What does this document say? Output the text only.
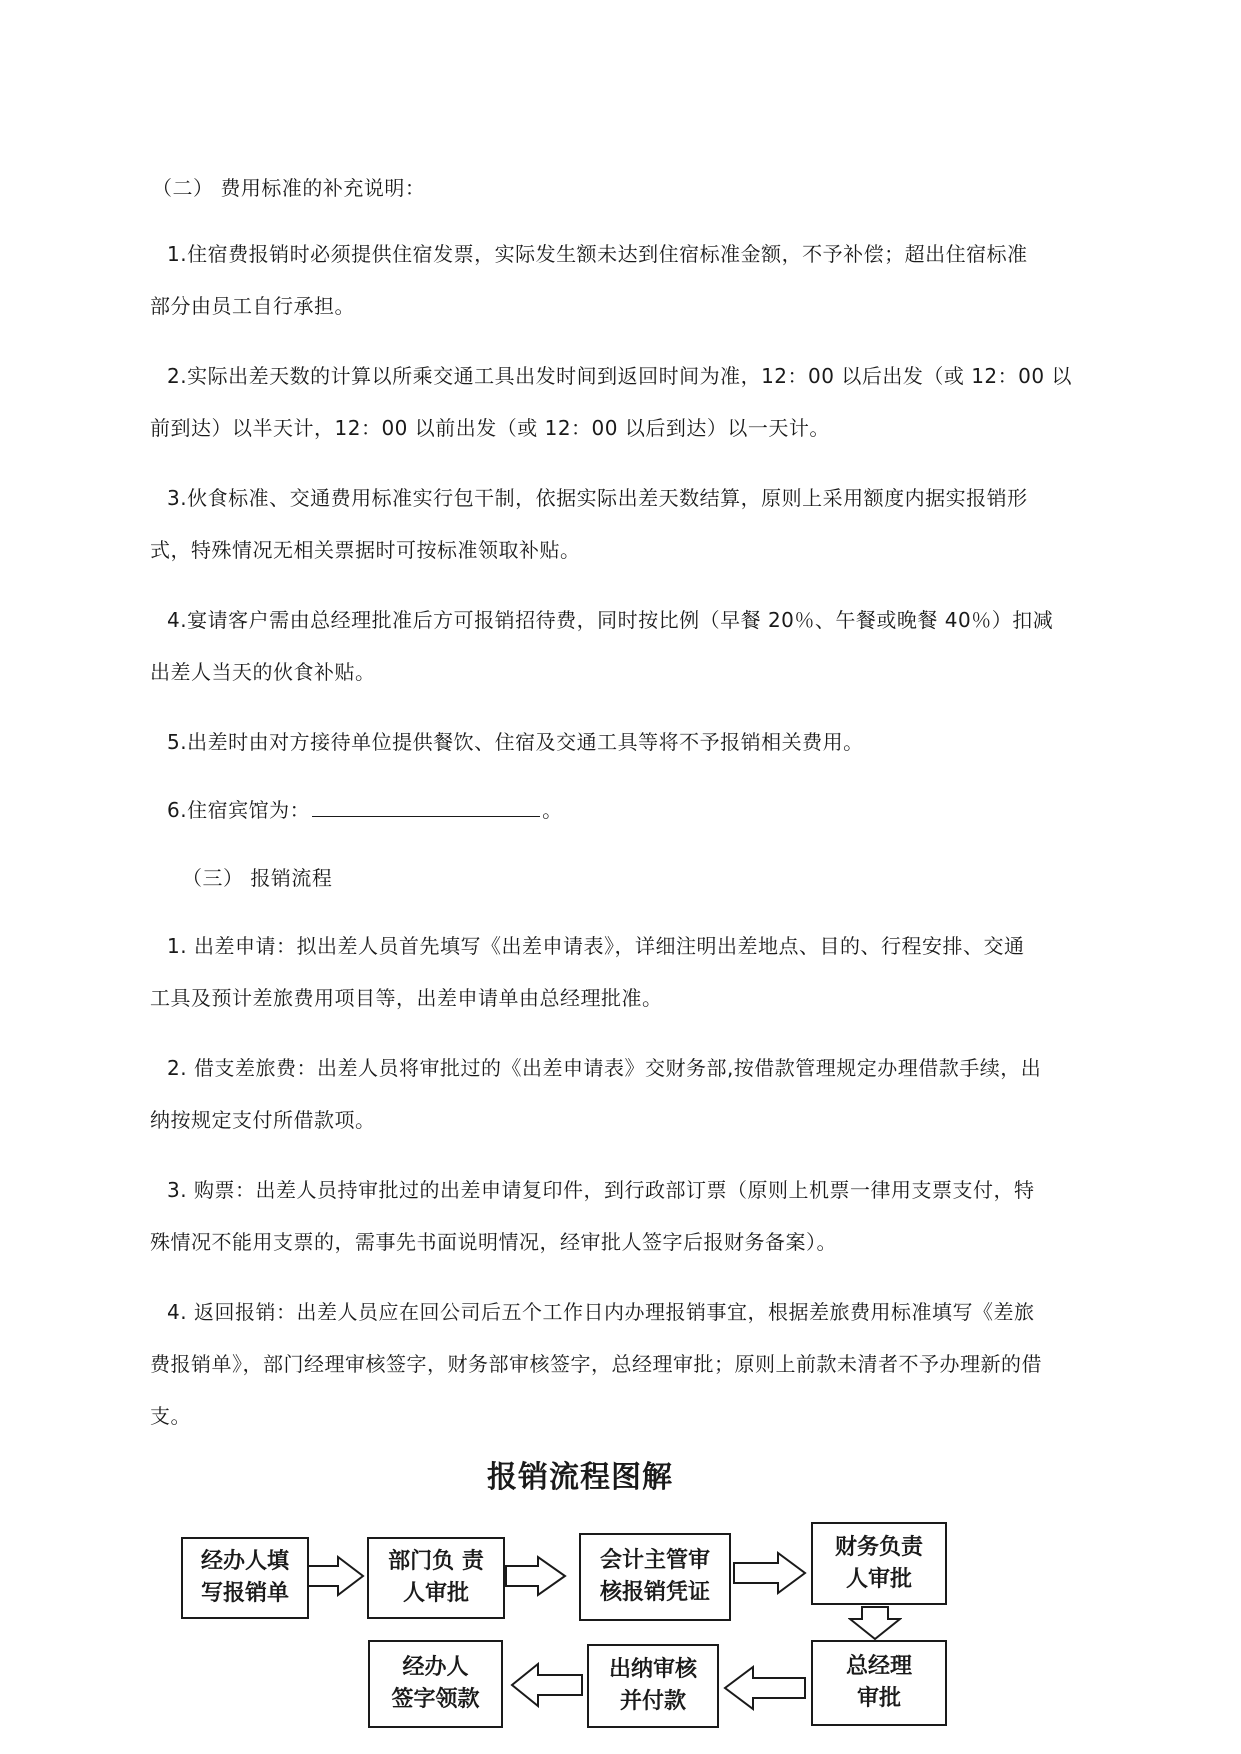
（二） 费用标准的补充说明：
1.住宿费报销时必须提供住宿发票，实际发生额未达到住宿标准金额，不予补偿；超出住宿标准
部分由员工自行承担。
2.实际出差天数的计算以所乘交通工具出发时间到返回时间为准，12：00 以后出发（或 12：00 以
前到达）以半天计，12：00 以前出发（或 12：00 以后到达）以一天计。
3.伙食标准、交通费用标准实行包干制，依据实际出差天数结算，原则上采用额度内据实报销形
式，特殊情况无相关票据时可按标准领取补贴。
4.宴请客户需由总经理批准后方可报销招待费，同时按比例（早餐 20％、午餐或晚餐 40％）扣减
出差人当天的伙食补贴。
5.出差时由对方接待单位提供餐饮、住宿及交通工具等将不予报销相关费用。
6.住宿宾馆为：	。
（三） 报销流程
1. 出差申请：拟出差人员首先填写《出差申请表》，详细注明出差地点、目的、行程安排、交通
工具及预计差旅费用项目等，出差申请单由总经理批准。
2. 借支差旅费：出差人员将审批过的《出差申请表》交财务部,按借款管理规定办理借款手续，出
纳按规定支付所借款项。
3. 购票：出差人员持审批过的出差申请复印件，到行政部订票（原则上机票一律用支票支付，特
殊情况不能用支票的，需事先书面说明情况，经审批人签字后报财务备案）。
4. 返回报销：出差人员应在回公司后五个工作日内办理报销事宜，根据差旅费用标准填写《差旅
费报销单》，部门经理审核签字，财务部审核签字，总经理审批；原则上前款未清者不予办理新的借
支。
报销流程图解
经办人填
写报销单
部门负 责
人审批
会计主管审
核报销凭证
财务负责
人审批
总经理
审批
出纳审核
并付款
经办人
签字领款
